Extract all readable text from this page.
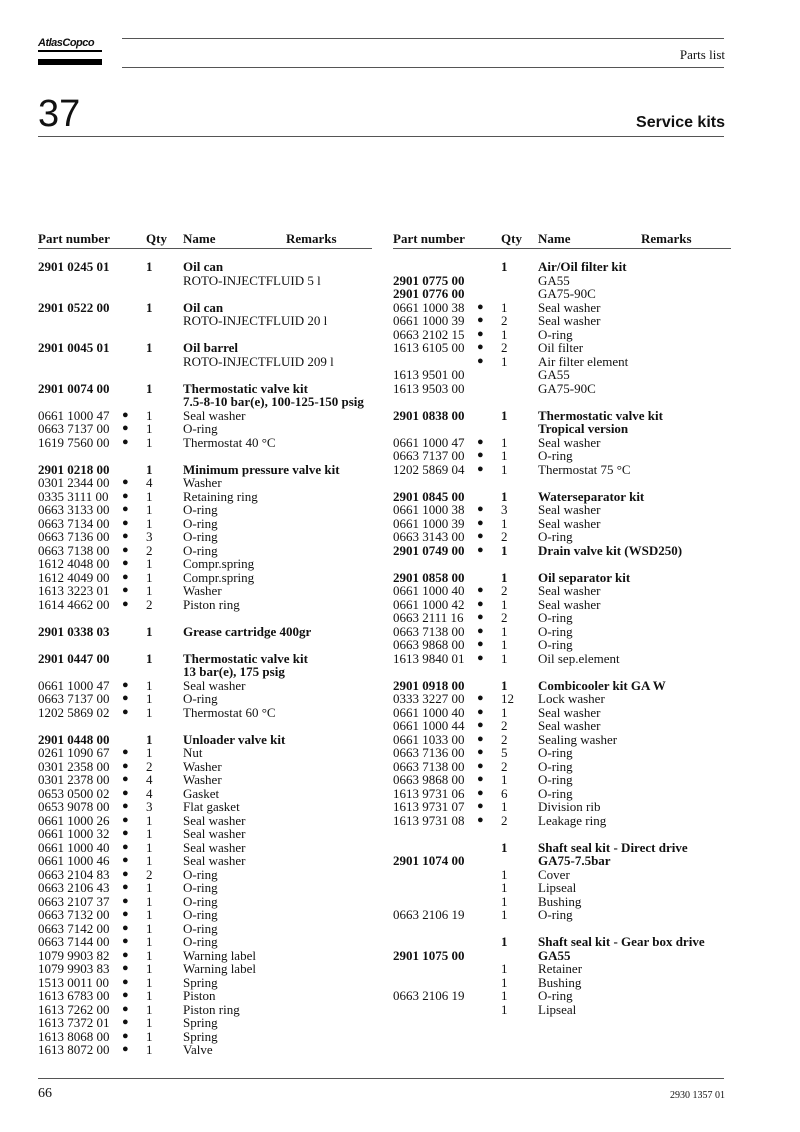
AtlasCopco
Parts list
37	Service kits
Part number	Qty Name	Remarks
2901 0245 01	1 Oil can
ROTO-INJECTFLUID 5 l
2901 0522 00	1 Oil can
ROTO-INJECTFLUID 20 l
2901 0045 01	1 Oil barrel
ROTO-INJECTFLUID 209 l
2901 0074 00	1 Thermostatic valve kit
7.5-8-10 bar(e), 100-125-150 psig
0661 1000 47 ● 1 Seal washer
0663 7137 00 ● 1 O-ring
1619 7560 00 ● 1 Thermostat 40 °C
2901 0218 00	1 Minimum pressure valve kit
0301 2344 00 ● 4 Washer
0335 3111 00 ● 1 Retaining ring
0663 3133 00 ● 1 O-ring
0663 7134 00 ● 1 O-ring
0663 7136 00 ● 3 O-ring
0663 7138 00 ● 2 O-ring
1612 4048 00 ● 1 Compr.spring
1612 4049 00 ● 1 Compr.spring
1613 3223 01 ● 1 Washer
1614 4662 00 ● 2 Piston ring
2901 0338 03	1 Grease cartridge 400gr
2901 0447 00	1 Thermostatic valve kit
13 bar(e), 175 psig
0661 1000 47 ● 1 Seal washer
0663 7137 00 ● 1 O-ring
1202 5869 02 ● 1 Thermostat 60 °C
2901 0448 00	1 Unloader valve kit
0261 1090 67 ● 1 Nut
0301 2358 00 ● 2 Washer
0301 2378 00 ● 4 Washer
0653 0500 02 ● 4 Gasket
0653 9078 00 ● 3 Flat gasket
0661 1000 26 ● 1 Seal washer
0661 1000 32 ● 1 Seal washer
0661 1000 40 ● 1 Seal washer
0661 1000 46 ● 1 Seal washer
0663 2104 83 ● 2 O-ring
0663 2106 43 ● 1 O-ring
0663 2107 37 ● 1 O-ring
0663 7132 00 ● 1 O-ring
0663 7142 00 ● 1 O-ring
0663 7144 00 ● 1 O-ring
1079 9903 82 ● 1 Warning label
1079 9903 83 ● 1 Warning label
1513 0011 00 ● 1 Spring
1613 6783 00 ● 1 Piston
1613 7262 00 ● 1 Piston ring
1613 7372 01 ● 1 Spring
1613 8068 00 ● 1 Spring
1613 8072 00 ● 1 Valve
Part number	Qty Name	Remarks
1 Air/Oil filter kit
2901 0775 00	GA55
2901 0776 00	GA75-90C
0661 1000 38 ● 1 Seal washer
0661 1000 39 ● 2 Seal washer
0663 2102 15 ● 1 O-ring
1613 6105 00 ● 2 Oil filter
● 1 Air filter element
1613 9501 00	GA55
1613 9503 00	GA75-90C
2901 0838 00	1 Thermostatic valve kit
Tropical version
0661 1000 47 ● 1 Seal washer
0663 7137 00 ● 1 O-ring
1202 5869 04 ● 1 Thermostat 75 °C
2901 0845 00	1 Waterseparator kit
0661 1000 38 ● 3 Seal washer
0661 1000 39 ● 1 Seal washer
0663 3143 00 ● 2 O-ring
2901 0749 00 ● 1 Drain valve kit (WSD250)
2901 0858 00	1 Oil separator kit
0661 1000 40 ● 2 Seal washer
0661 1000 42 ● 1 Seal washer
0663 2111 16 ● 2 O-ring
0663 7138 00 ● 1 O-ring
0663 9868 00 ● 1 O-ring
1613 9840 01 ● 1 Oil sep.element
2901 0918 00	1 Combicooler kit GA W
0333 3227 00 ● 12 Lock washer
0661 1000 40 ● 1 Seal washer
0661 1000 44 ● 2 Seal washer
0661 1033 00 ● 2 Sealing washer
0663 7136 00 ● 5 O-ring
0663 7138 00 ● 2 O-ring
0663 9868 00 ● 1 O-ring
1613 9731 06 ● 6 O-ring
1613 9731 07 ● 1 Division rib
1613 9731 08 ● 2 Leakage ring
1 Shaft seal kit - Direct drive
2901 1074 00	GA75-7.5bar
1 Cover
1 Lipseal
1 Bushing
0663 2106 19	1 O-ring
1 Shaft seal kit - Gear box drive
2901 1075 00	GA55
1 Retainer
1 Bushing
0663 2106 19	1 O-ring
1 Lipseal
66	2930 1357 01
